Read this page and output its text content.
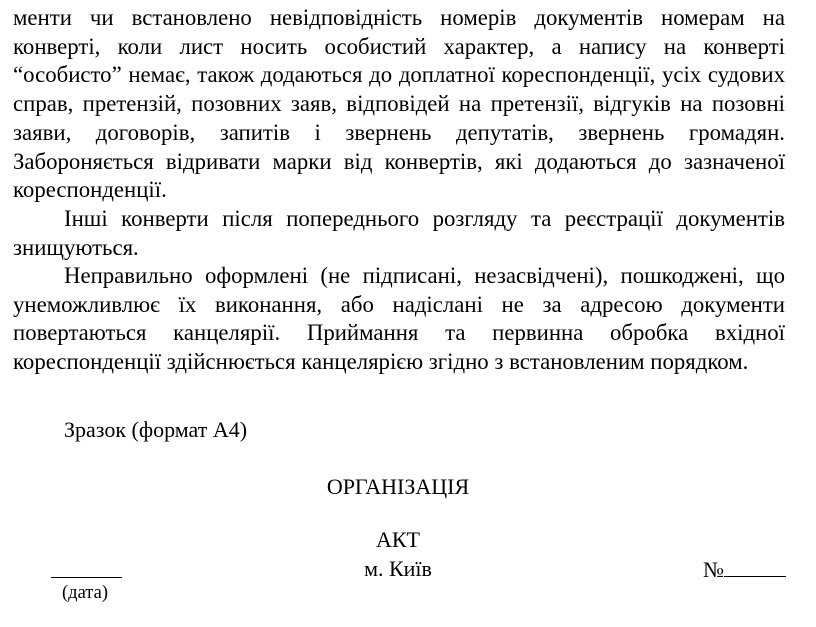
менти чи встановлено невідповідність номерів документів номерам на конверті, коли лист носить особистий характер, а напису на конверті “особисто” немає, також додаються до доплатної кореспонденції, усіх судових справ, претензій, позовних заяв, відповідей на претензії, відгуків на позовні заяви, договорів, запитів і звернень депутатів, звернень громадян. Забороняється відривати марки від конвертів, які додаються до зазначеної кореспонденції.

Інші конверти після попереднього розгляду та реєстрації документів знищуються.

Неправильно оформлені (не підписані, незасвідчені), пошкоджені, що унеможливлює їх виконання, або надіслані не за адресою документи повертаються канцелярії. Приймання та первинна обробка вхідної кореспонденції здійснюється канцелярією згідно з встановленим порядком.

Зразок (формат А4)
ОРГАНІЗАЦІЯ
АКТ
м. Київ	№
(дата)
